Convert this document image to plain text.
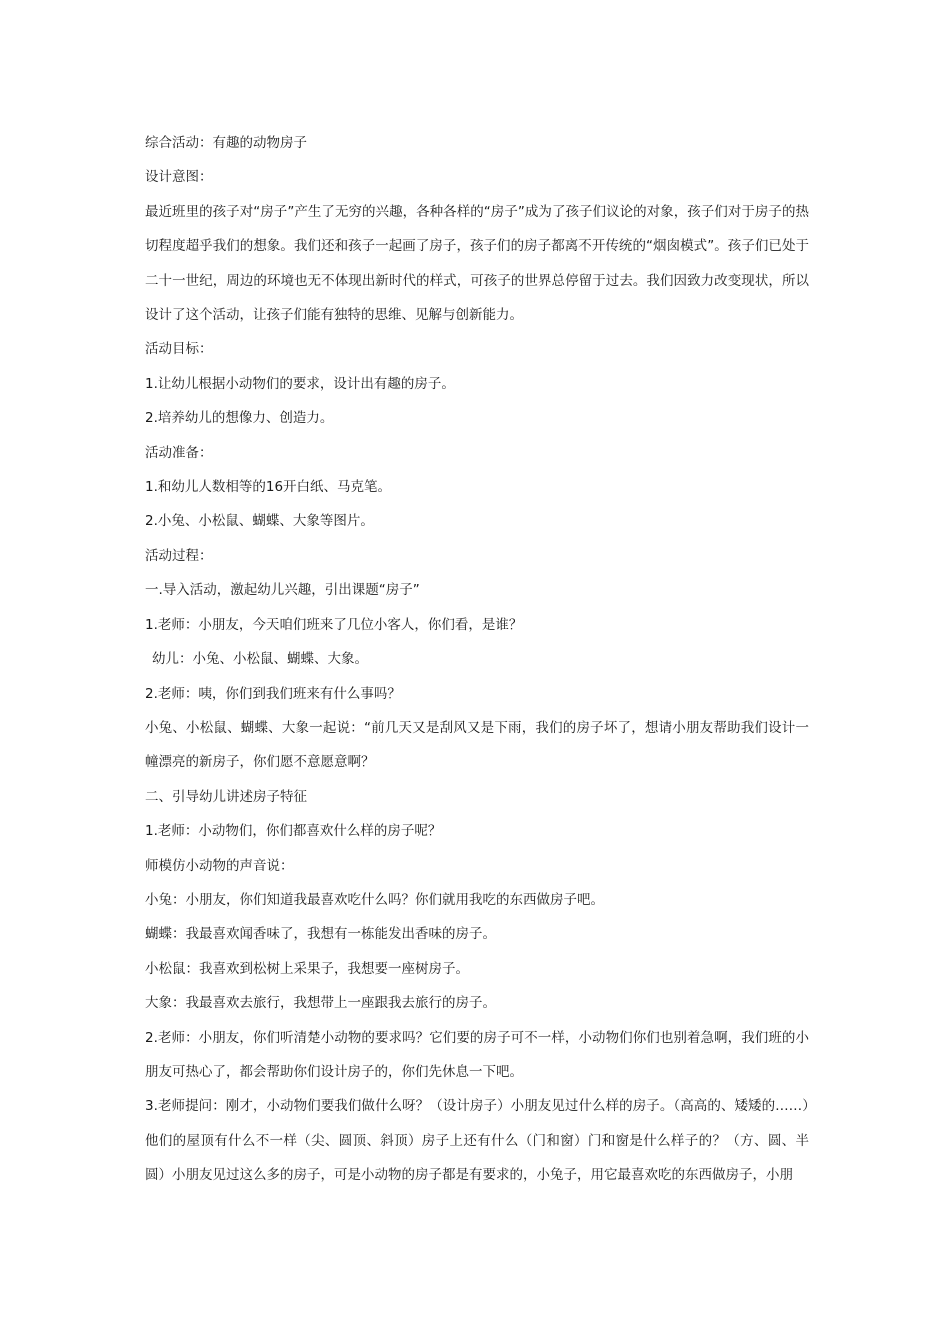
综合活动：有趣的动物房子

设计意图：

最近班里的孩子对“房子”产生了无穷的兴趣，各种各样的“房子”成为了孩子们议论的对象，孩子们对于房子的热切程度超乎我们的想象。我们还和孩子一起画了房子，孩子们的房子都离不开传统的“烟囱模式”。孩子们已处于二十一世纪，周边的环境也无不体现出新时代的样式，可孩子的世界总停留于过去。我们因致力改变现状，所以设计了这个活动，让孩子们能有独特的思维、见解与创新能力。

活动目标：

1.让幼儿根据小动物们的要求，设计出有趣的房子。

2.培养幼儿的想像力、创造力。

活动准备：

1.和幼儿人数相等的16开白纸、马克笔。

2.小兔、小松鼠、蝴蝶、大象等图片。

活动过程：

一.导入活动，激起幼儿兴趣，引出课题“房子”

1.老师：小朋友，今天咱们班来了几位小客人，你们看，是谁？

幼儿：小兔、小松鼠、蝴蝶、大象。

2.老师：咦，你们到我们班来有什么事吗？

小兔、小松鼠、蝴蝶、大象一起说：“前几天又是刮风又是下雨，我们的房子坏了，想请小朋友帮助我们设计一幢漂亮的新房子，你们愿不意愿意啊？

二、引导幼儿讲述房子特征

1.老师：小动物们，你们都喜欢什么样的房子呢？

师模仿小动物的声音说：

小兔：小朋友，你们知道我最喜欢吃什么吗？你们就用我吃的东西做房子吧。

蝴蝶：我最喜欢闻香味了，我想有一栋能发出香味的房子。

小松鼠：我喜欢到松树上采果子，我想要一座树房子。

大象：我最喜欢去旅行，我想带上一座跟我去旅行的房子。

2.老师：小朋友，你们听清楚小动物的要求吗？它们要的房子可不一样，小动物们你们也别着急啊，我们班的小朋友可热心了，都会帮助你们设计房子的，你们先休息一下吧。

3.老师提问：刚才，小动物们要我们做什么呀？（设计房子）小朋友见过什么样的房子。（高高的、矮矮的……）他们的屋顶有什么不一样（尖、圆顶、斜顶）房子上还有什么（门和窗）门和窗是什么样子的？（方、圆、半圆）小朋友见过这么多的房子，可是小动物的房子都是有要求的，小兔子，用它最喜欢吃的东西做房子，小朋
